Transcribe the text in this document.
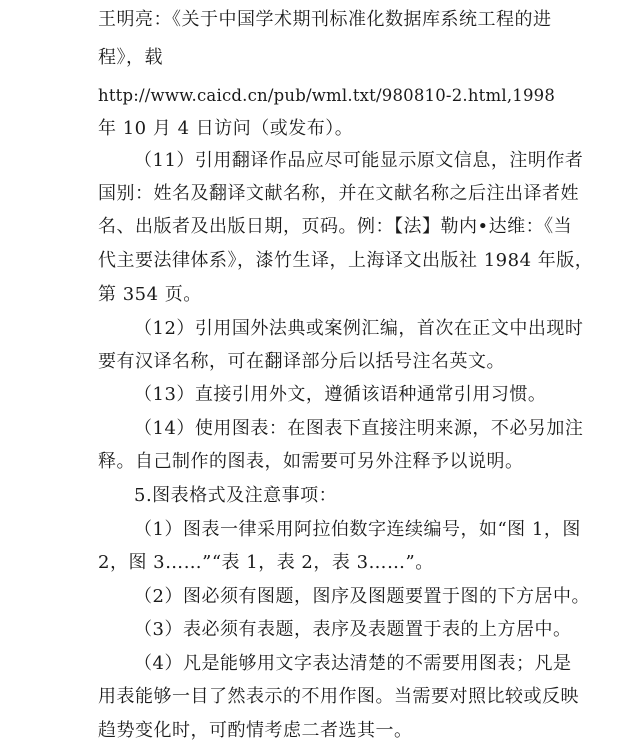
王明亮：《关于中国学术期刊标准化数据库系统工程的进
程》，载
http://www.caicd.cn/pub/wml.txt/980810-2.html,1998
年 10 月 4 日访问（或发布）。
（11）引用翻译作品应尽可能显示原文信息，注明作者
国别：姓名及翻译文献名称，并在文献名称之后注出译者姓
名、出版者及出版日期，页码。例：【法】勒内•达维：《当
代主要法律体系》，漆竹生译，上海译文出版社 1984 年版，
第 354 页。
（12）引用国外法典或案例汇编，首次在正文中出现时
要有汉译名称，可在翻译部分后以括号注名英文。
（13）直接引用外文，遵循该语种通常引用习惯。
（14）使用图表：在图表下直接注明来源，不必另加注
释。自己制作的图表，如需要可另外注释予以说明。
5.图表格式及注意事项：
（1）图表一律采用阿拉伯数字连续编号，如“图 1，图
2，图 3……”“表 1，表 2，表 3……”。
（2）图必须有图题，图序及图题要置于图的下方居中。
（3）表必须有表题，表序及表题置于表的上方居中。
（4）凡是能够用文字表达清楚的不需要用图表；凡是
用表能够一目了然表示的不用作图。当需要对照比较或反映
趋势变化时，可酌情考虑二者选其一。
